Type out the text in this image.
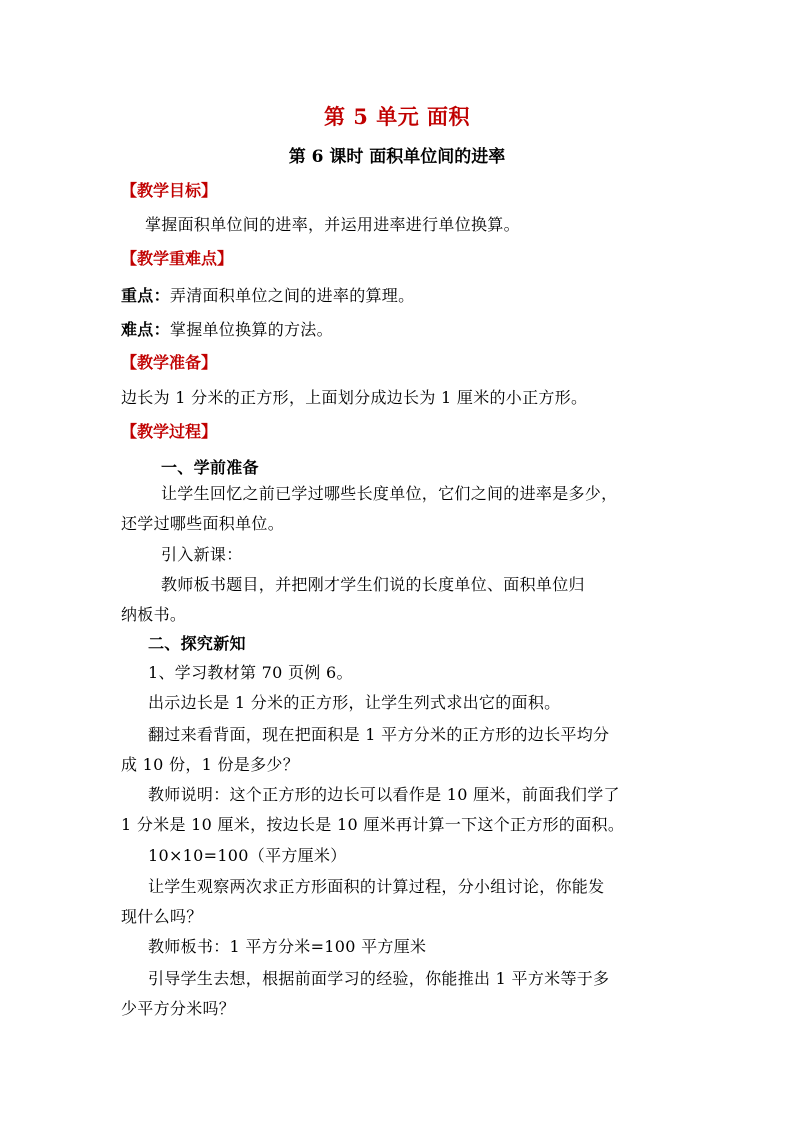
第 5 单元 面积
第 6 课时 面积单位间的进率
【教学目标】
掌握面积单位间的进率，并运用进率进行单位换算。
【教学重难点】
重点：弄清面积单位之间的进率的算理。
难点：掌握单位换算的方法。
【教学准备】
边长为 1 分米的正方形，上面划分成边长为 1 厘米的小正方形。
【教学过程】
一、学前准备
让学生回忆之前已学过哪些长度单位，它们之间的进率是多少，
还学过哪些面积单位。
引入新课：
教师板书题目，并把刚才学生们说的长度单位、面积单位归
纳板书。
二、探究新知
1、学习教材第 70 页例 6。
出示边长是 1 分米的正方形，让学生列式求出它的面积。
翻过来看背面，现在把面积是 1 平方分米的正方形的边长平均分
成 10 份，1 份是多少？
教师说明：这个正方形的边长可以看作是 10 厘米，前面我们学了
1 分米是 10 厘米，按边长是 10 厘米再计算一下这个正方形的面积。
10×10=100（平方厘米）
让学生观察两次求正方形面积的计算过程，分小组讨论，你能发
现什么吗？
教师板书：1 平方分米=100 平方厘米
引导学生去想，根据前面学习的经验，你能推出 1 平方米等于多
少平方分米吗？
